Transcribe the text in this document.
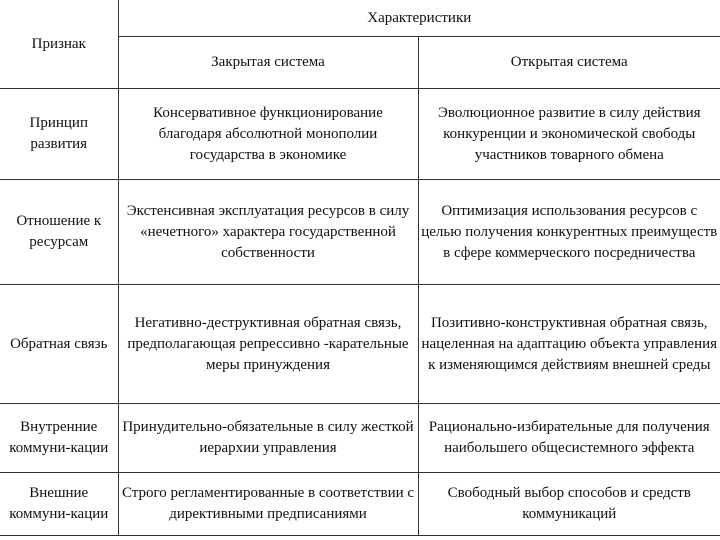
Признак	Характеристики	
	Закрытая система	Открытая система
Принцип развития	Консервативное функционирование благодаря абсолютной монополии государства в экономике	Эволюционное развитие в силу действия конкуренции и экономической свободы участников товарного обмена
Отношение к ресурсам	Экстенсивная эксплуатация ресурсов в силу «нечетного» характера государственной собственности	Оптимизация использования ресурсов с целью получения конкурентных преимуществ в сфере коммерческого посредничества
Обратная связь	Негативно-деструктивная обратная связь, предполагающая репрессивно -карательные меры принуждения	Позитивно-конструктивная обратная связь, нацеленная на адаптацию объекта управления к изменяющимся действиям внешней среды
Внутренние коммуни-кации	Принудительно-обязательные в силу жесткой иерархии управления	Рационально-избирательные для получения наибольшего общесистемного эффекта
Внешние коммуни-кации	Строго регламентированные в соответствии с директивными предписаниями	Свободный выбор способов и средств коммуникаций
